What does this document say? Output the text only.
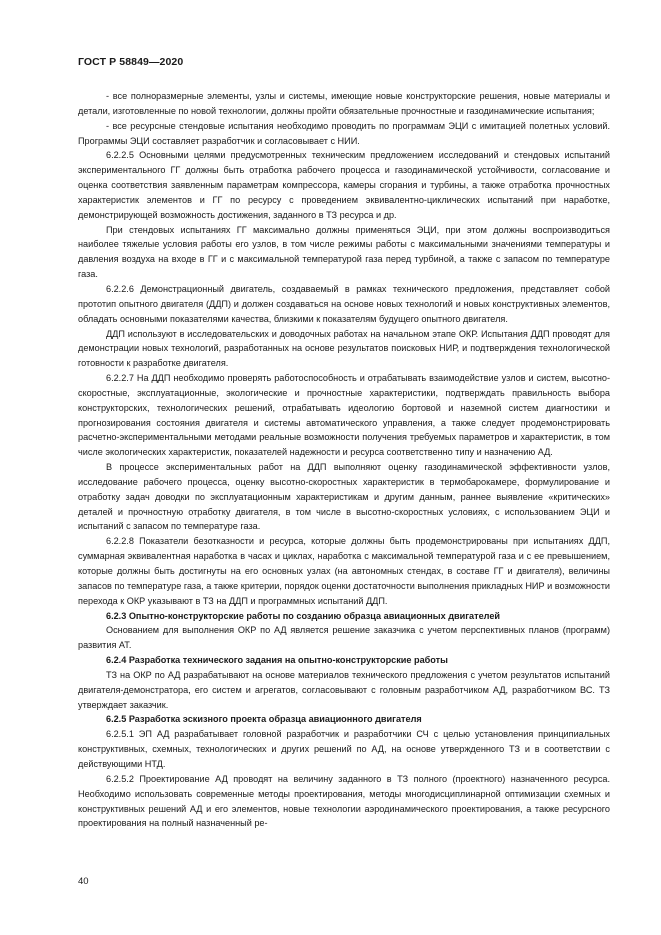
ГОСТ Р 58849—2020

- все полноразмерные элементы, узлы и системы, имеющие новые конструкторские решения, новые материалы и детали, изготовленные по новой технологии, должны пройти обязательные прочностные и газодинамические испытания;

- все ресурсные стендовые испытания необходимо проводить по программам ЭЦИ с имитацией полетных условий. Программы ЭЦИ составляет разработчик и согласовывает с НИИ.

6.2.2.5 Основными целями предусмотренных техническим предложением исследований и стендовых испытаний экспериментального ГГ должны быть отработка рабочего процесса и газодинамической устойчивости, согласование и оценка соответствия заявленным параметрам компрессора, камеры сгорания и турбины, а также отработка прочностных характеристик элементов и ГГ по ресурсу с проведением эквивалентно-циклических испытаний при наработке, демонстрирующей возможность достижения, заданного в ТЗ ресурса и др.

При стендовых испытаниях ГГ максимально должны применяться ЭЦИ, при этом должны воспроизводиться наиболее тяжелые условия работы его узлов, в том числе режимы работы с максимальными значениями температуры и давления воздуха на входе в ГГ и с максимальной температурой газа перед турбиной, а также с запасом по температуре газа.

6.2.2.6 Демонстрационный двигатель, создаваемый в рамках технического предложения, представляет собой прототип опытного двигателя (ДДП) и должен создаваться на основе новых технологий и новых конструктивных элементов, обладать основными показателями качества, близкими к показателям будущего опытного двигателя.

ДДП используют в исследовательских и доводочных работах на начальном этапе ОКР. Испытания ДДП проводят для демонстрации новых технологий, разработанных на основе результатов поисковых НИР, и подтверждения технологической готовности к разработке двигателя.

6.2.2.7 На ДДП необходимо проверять работоспособность и отрабатывать взаимодействие узлов и систем, высотно-скоростные, эксплуатационные, экологические и прочностные характеристики, подтверждать правильность выбора конструкторских, технологических решений, отрабатывать идеологию бортовой и наземной систем диагностики и прогнозирования состояния двигателя и системы автоматического управления, а также следует продемонстрировать расчетно-экспериментальными методами реальные возможности получения требуемых параметров и характеристик, в том числе экологических характеристик, показателей надежности и ресурса соответственно типу и назначению АД.

В процессе экспериментальных работ на ДДП выполняют оценку газодинамической эффективности узлов, исследование рабочего процесса, оценку высотно-скоростных характеристик в термобарокамере, формулирование и отработку задач доводки по эксплуатационным характеристикам и другим данным, раннее выявление «критических» деталей и прочностную отработку двигателя, в том числе в высотно-скоростных условиях, с использованием ЭЦИ и испытаний с запасом по температуре газа.

6.2.2.8 Показатели безотказности и ресурса, которые должны быть продемонстрированы при испытаниях ДДП, суммарная эквивалентная наработка в часах и циклах, наработка с максимальной температурой газа и с ее превышением, которые должны быть достигнуты на его основных узлах (на автономных стендах, в составе ГГ и двигателя), величины запасов по температуре газа, а также критерии, порядок оценки достаточности выполнения прикладных НИР и возможности перехода к ОКР указывают в ТЗ на ДДП и программных испытаний ДДП.

6.2.3 Опытно-конструкторские работы по созданию образца авиационных двигателей

Основанием для выполнения ОКР по АД является решение заказчика с учетом перспективных планов (программ) развития АТ.

6.2.4 Разработка технического задания на опытно-конструкторские работы

ТЗ на ОКР по АД разрабатывают на основе материалов технического предложения с учетом результатов испытаний двигателя-демонстратора, его систем и агрегатов, согласовывают с головным разработчиком АД, разработчиком ВС. ТЗ утверждает заказчик.

6.2.5 Разработка эскизного проекта образца авиационного двигателя

6.2.5.1 ЭП АД разрабатывает головной разработчик и разработчики СЧ с целью установления принципиальных конструктивных, схемных, технологических и других решений по АД, на основе утвержденного ТЗ и в соответствии с действующими НТД.

6.2.5.2 Проектирование АД проводят на величину заданного в ТЗ полного (проектного) назначенного ресурса. Необходимо использовать современные методы проектирования, методы многодисциплинарной оптимизации схемных и конструктивных решений АД и его элементов, новые технологии аэродинамического проектирования, а также ресурсного проектирования на полный назначенный ре-

40
